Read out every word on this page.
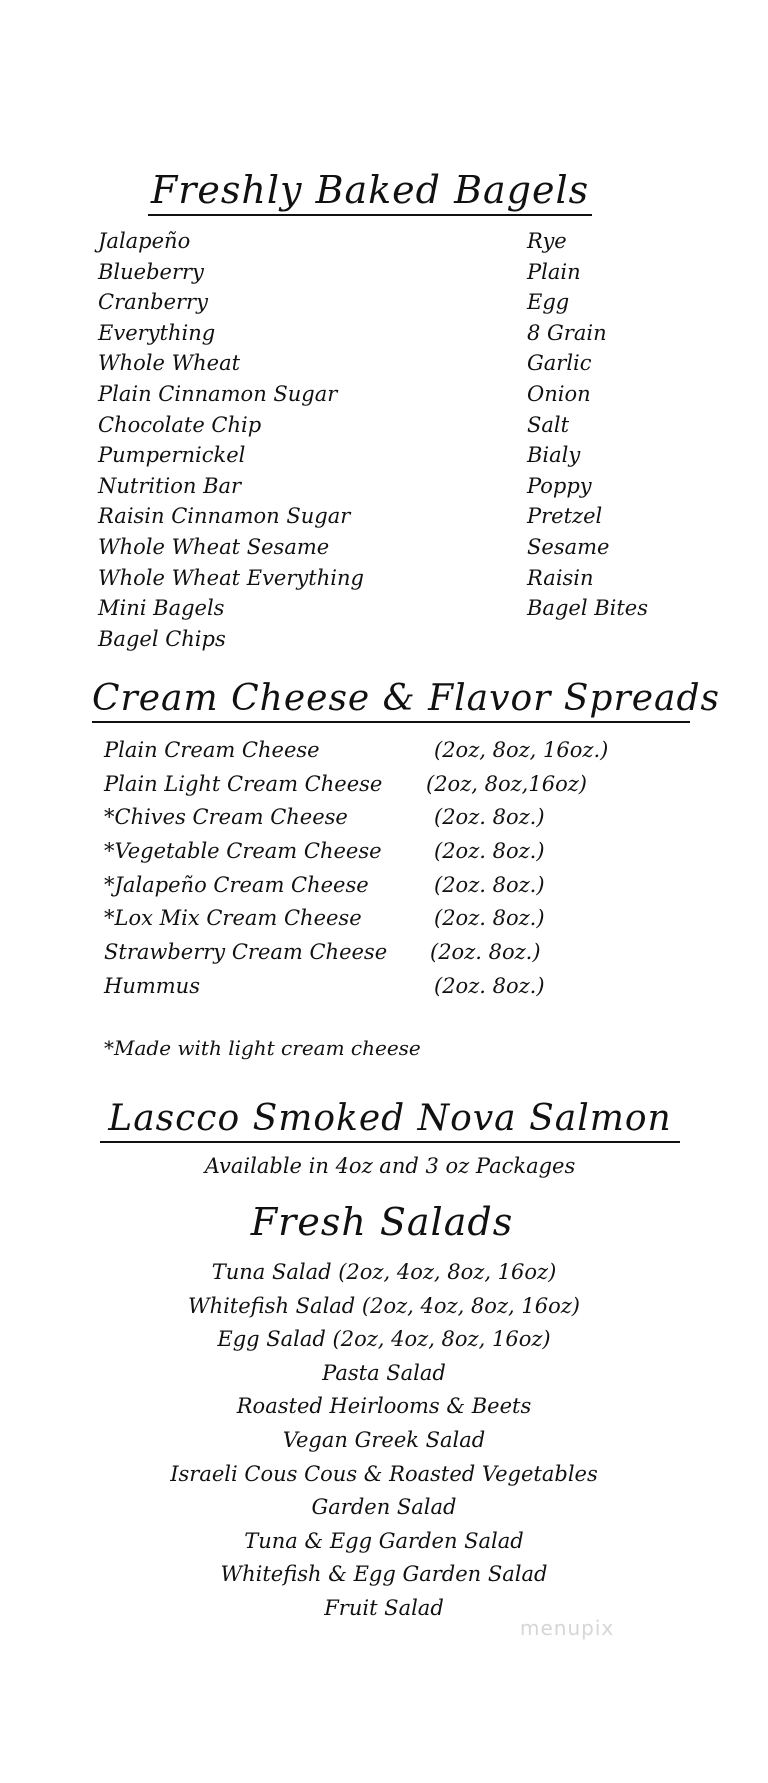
Freshly Baked Bagels
Jalapeño
Blueberry
Cranberry
Everything
Whole Wheat
Plain Cinnamon Sugar
Chocolate Chip
Pumpernickel
Nutrition Bar
Raisin Cinnamon Sugar
Whole Wheat Sesame
Whole Wheat Everything
Mini Bagels
Bagel Chips
Rye
Plain
Egg
8 Grain
Garlic
Onion
Salt
Bialy
Poppy
Pretzel
Sesame
Raisin
Bagel Bites
Cream Cheese & Flavor Spreads
Plain Cream Cheese	(2oz, 8oz, 16oz.)
Plain Light Cream Cheese (2oz, 8oz,16oz)
*Chives Cream Cheese	(2oz. 8oz.)
*Vegetable Cream Cheese (2oz. 8oz.)
*Jalapeño Cream Cheese	(2oz. 8oz.)
*Lox Mix Cream Cheese	(2oz. 8oz.)
Strawberry Cream Cheese (2oz. 8oz.)
Hummus	(2oz. 8oz.)
*Made with light cream cheese
Lascco Smoked Nova Salmon
Available in 4oz and 3 oz Packages
Fresh Salads
Tuna Salad (2oz, 4oz, 8oz, 16oz)
Whitefish Salad (2oz, 4oz, 8oz, 16oz)
Egg Salad (2oz, 4oz, 8oz, 16oz)
Pasta Salad
Roasted Heirlooms & Beets
Vegan Greek Salad
Israeli Cous Cous & Roasted Vegetables
Garden Salad
Tuna & Egg Garden Salad
Whitefish & Egg Garden Salad
Fruit Salad
menupix
